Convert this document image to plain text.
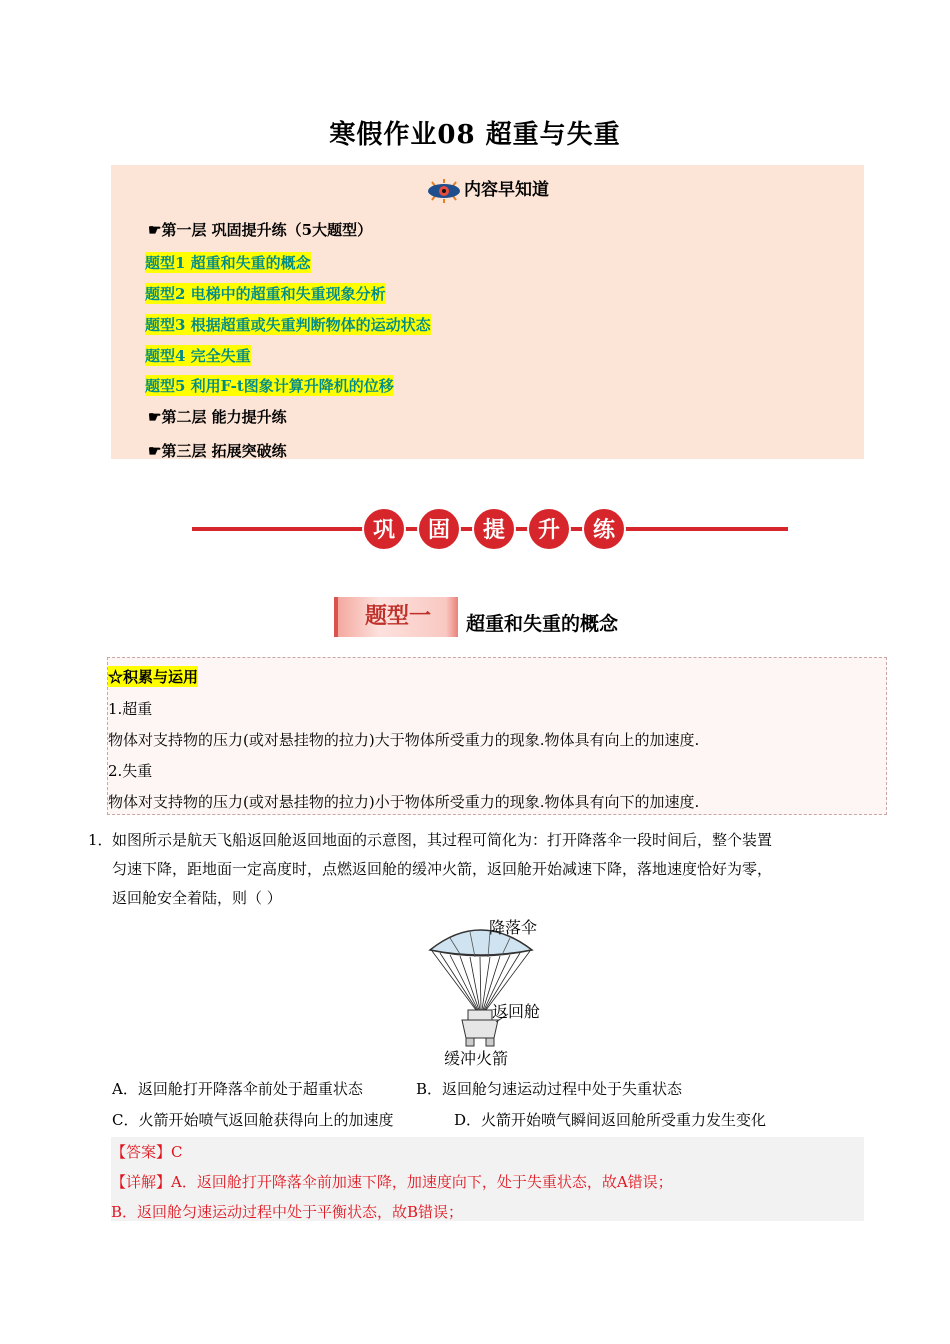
寒假作业08 超重与失重
内容早知道
☛第一层 巩固提升练（5大题型）
题型1 超重和失重的概念
题型2 电梯中的超重和失重现象分析
题型3 根据超重或失重判断物体的运动状态
题型4 完全失重
题型5 利用F-t图象计算升降机的位移
☛第二层 能力提升练
☛第三层 拓展突破练
巩 固 提 升 练
题型一	超重和失重的概念
☆积累与运用
1.超重
物体对支持物的压力(或对悬挂物的拉力)大于物体所受重力的现象.物体具有向上的加速度.
2.失重
物体对支持物的压力(或对悬挂物的拉力)小于物体所受重力的现象.物体具有向下的加速度.
1． 如图所示是航天飞船返回舱返回地面的示意图，其过程可简化为：打开降落伞一段时间后，整个装置
匀速下降，距地面一定高度时，点燃返回舱的缓冲火箭，返回舱开始减速下降，落地速度恰好为零，
返回舱安全着陆，则（ ）
降落伞
返回舱
缓冲火箭
A．返回舱打开降落伞前处于超重状态	B．返回舱匀速运动过程中处于失重状态
C．火箭开始喷气返回舱获得向上的加速度	D．火箭开始喷气瞬间返回舱所受重力发生变化
【答案】C
【详解】A．返回舱打开降落伞前加速下降，加速度向下，处于失重状态，故A错误；
B．返回舱匀速运动过程中处于平衡状态，故B错误；
